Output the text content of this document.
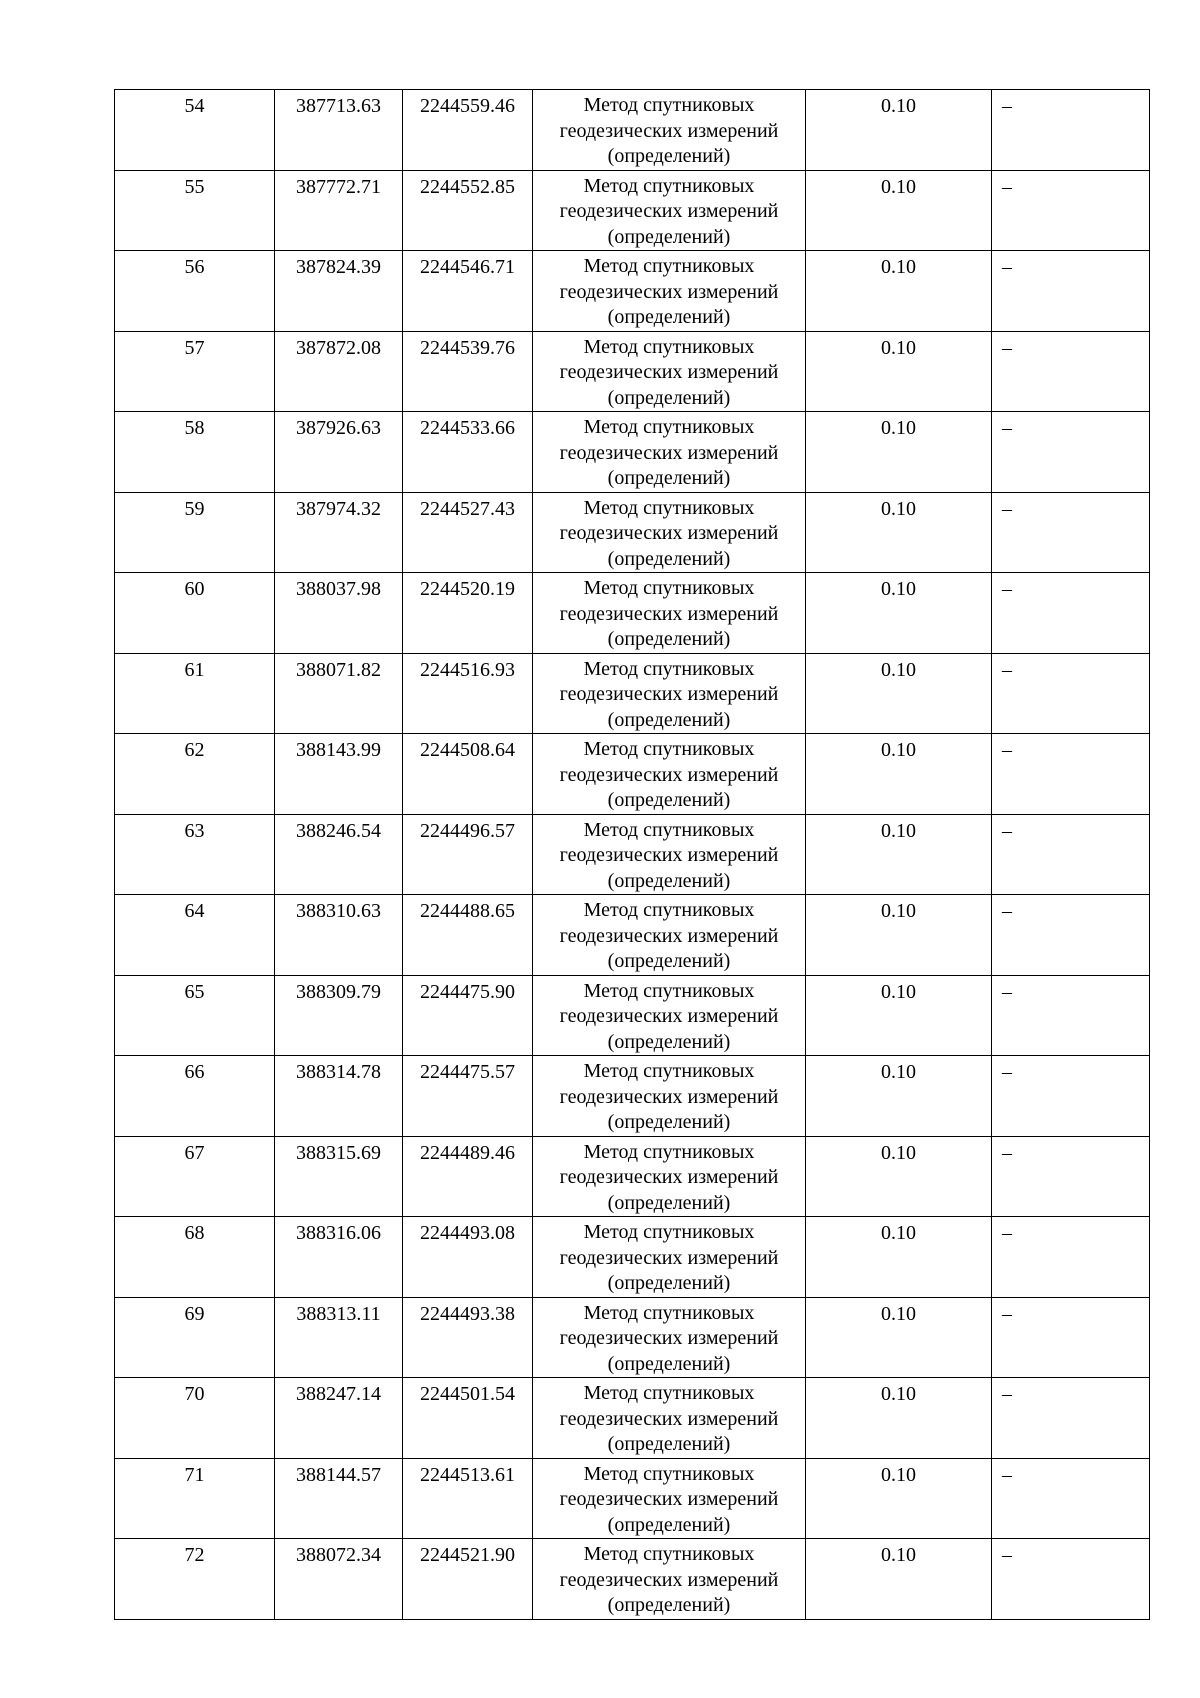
54	387713.63	2244559.46	Метод спутниковых
геодезических измерений
(определений)	0.10	–
55	387772.71	2244552.85	Метод спутниковых
геодезических измерений
(определений)	0.10	–
56	387824.39	2244546.71	Метод спутниковых
геодезических измерений
(определений)	0.10	–
57	387872.08	2244539.76	Метод спутниковых
геодезических измерений
(определений)	0.10	–
58	387926.63	2244533.66	Метод спутниковых
геодезических измерений
(определений)	0.10	–
59	387974.32	2244527.43	Метод спутниковых
геодезических измерений
(определений)	0.10	–
60	388037.98	2244520.19	Метод спутниковых
геодезических измерений
(определений)	0.10	–
61	388071.82	2244516.93	Метод спутниковых
геодезических измерений
(определений)	0.10	–
62	388143.99	2244508.64	Метод спутниковых
геодезических измерений
(определений)	0.10	–
63	388246.54	2244496.57	Метод спутниковых
геодезических измерений
(определений)	0.10	–
64	388310.63	2244488.65	Метод спутниковых
геодезических измерений
(определений)	0.10	–
65	388309.79	2244475.90	Метод спутниковых
геодезических измерений
(определений)	0.10	–
66	388314.78	2244475.57	Метод спутниковых
геодезических измерений
(определений)	0.10	–
67	388315.69	2244489.46	Метод спутниковых
геодезических измерений
(определений)	0.10	–
68	388316.06	2244493.08	Метод спутниковых
геодезических измерений
(определений)	0.10	–
69	388313.11	2244493.38	Метод спутниковых
геодезических измерений
(определений)	0.10	–
70	388247.14	2244501.54	Метод спутниковых
геодезических измерений
(определений)	0.10	–
71	388144.57	2244513.61	Метод спутниковых
геодезических измерений
(определений)	0.10	–
72	388072.34	2244521.90	Метод спутниковых
геодезических измерений
(определений)	0.10	–
